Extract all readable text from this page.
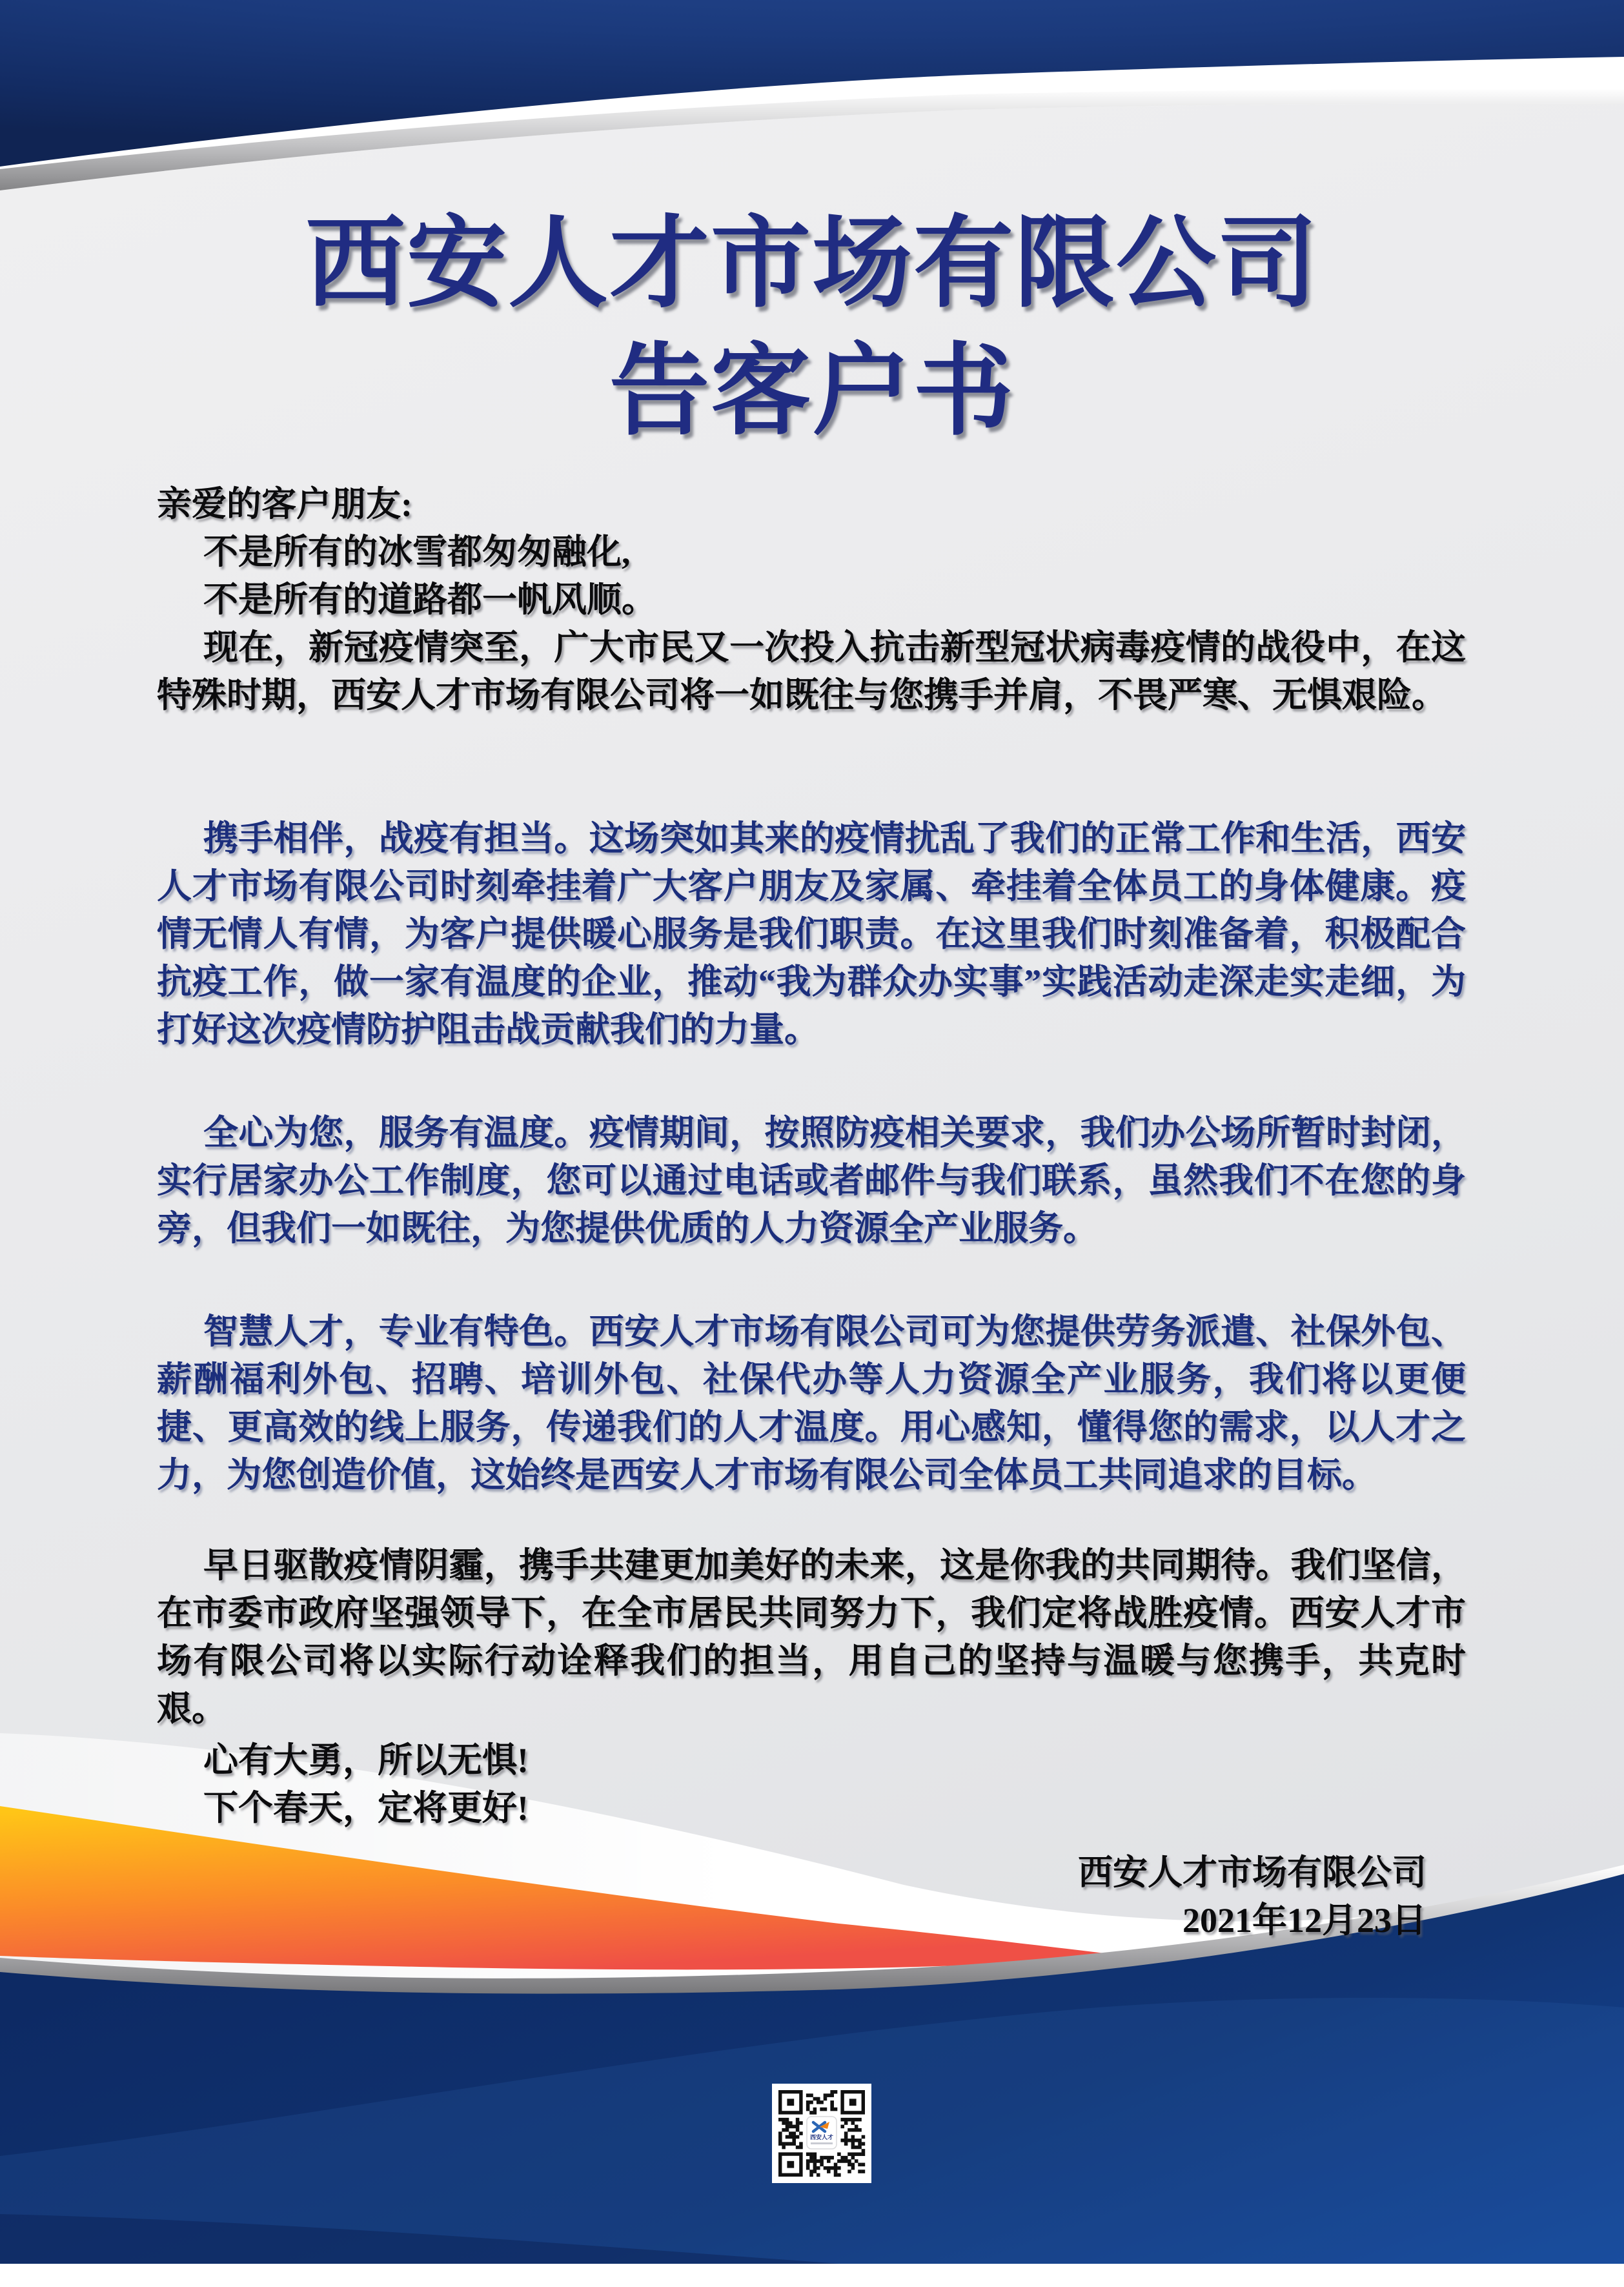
西安人才市场有限公司
告客户书

亲爱的客户朋友:

不是所有的冰雪都匆匆融化,

不是所有的道路都一帆风顺。

现在，新冠疫情突至，广大市民又一次投入抗击新型冠状病毒疫情的战役中，在这特殊时期，西安人才市场有限公司将一如既往与您携手并肩，不畏严寒、无惧艰险。

携手相伴，战疫有担当。这场突如其来的疫情扰乱了我们的正常工作和生活，西安人才市场有限公司时刻牵挂着广大客户朋友及家属、牵挂着全体员工的身体健康。疫情无情人有情，为客户提供暖心服务是我们职责。在这里我们时刻准备着，积极配合抗疫工作，做一家有温度的企业，推动“我为群众办实事”实践活动走深走实走细，为打好这次疫情防护阻击战贡献我们的力量。

全心为您，服务有温度。疫情期间，按照防疫相关要求，我们办公场所暂时封闭，实行居家办公工作制度，您可以通过电话或者邮件与我们联系，虽然我们不在您的身旁，但我们一如既往，为您提供优质的人力资源全产业服务。

智慧人才，专业有特色。西安人才市场有限公司可为您提供劳务派遣、社保外包、薪酬福利外包、招聘、培训外包、社保代办等人力资源全产业服务，我们将以更便捷、更高效的线上服务，传递我们的人才温度。用心感知，懂得您的需求，以人才之力，为您创造价值，这始终是西安人才市场有限公司全体员工共同追求的目标。

早日驱散疫情阴霾，携手共建更加美好的未来，这是你我的共同期待。我们坚信，在市委市政府坚强领导下，在全市居民共同努力下，我们定将战胜疫情。西安人才市场有限公司将以实际行动诠释我们的担当，用自己的坚持与温暖与您携手，共克时艰。

心有大勇，所以无惧!

下个春天，定将更好!

西安人才市场有限公司

2021年12月23日

西安人才
